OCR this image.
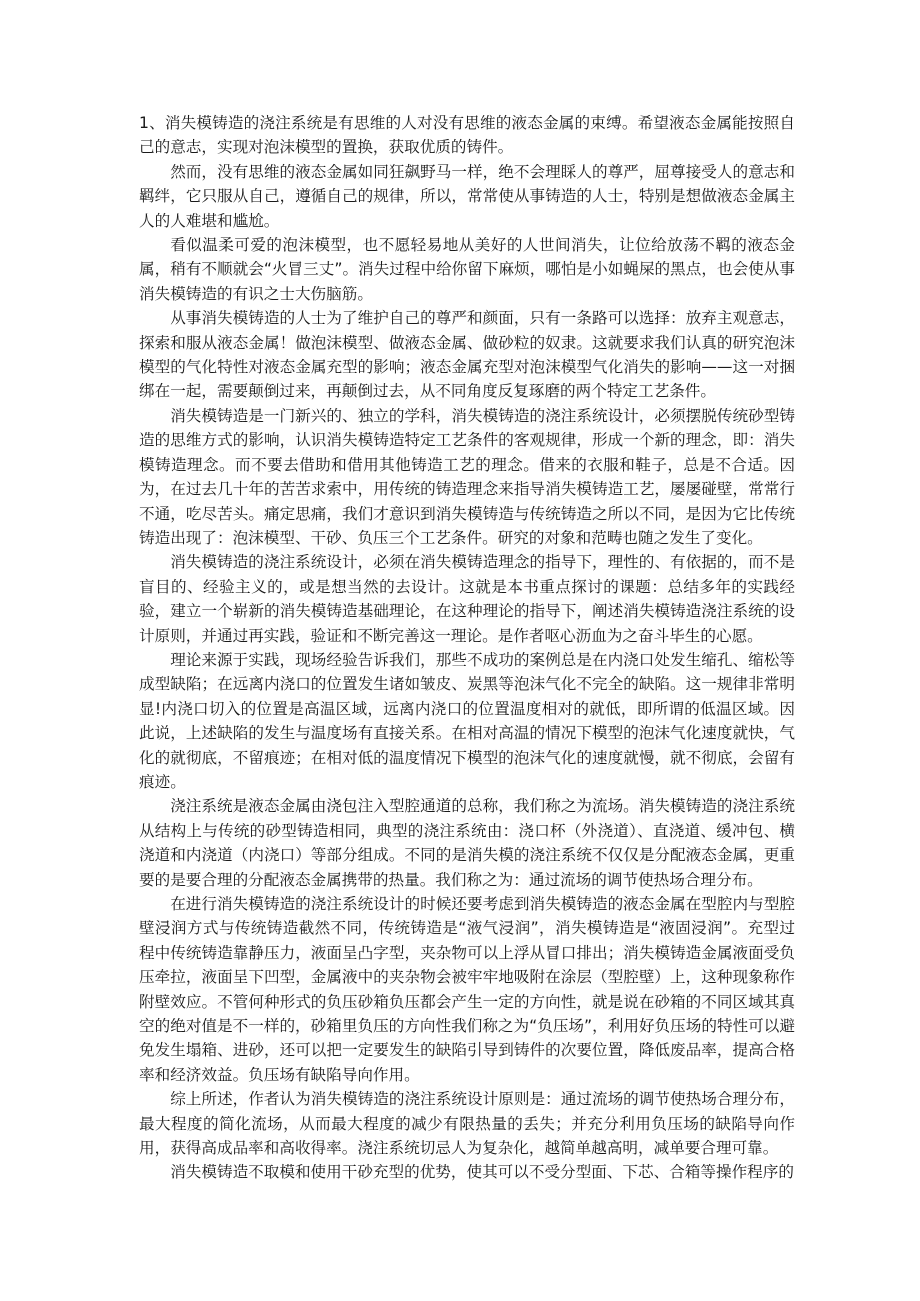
1、消失模铸造的浇注系统是有思维的人对没有思维的液态金属的束缚。希望液态金属能按照自己的意志，实现对泡沫模型的置换，获取优质的铸件。

然而，没有思维的液态金属如同狂飙野马一样，绝不会理睬人的尊严，屈尊接受人的意志和羁绊，它只服从自己，遵循自己的规律，所以，常常使从事铸造的人士，特别是想做液态金属主人的人难堪和尴尬。

看似温柔可爱的泡沫模型，也不愿轻易地从美好的人世间消失，让位给放荡不羁的液态金属，稍有不顺就会“火冒三丈”。消失过程中给你留下麻烦，哪怕是小如蝇屎的黑点，也会使从事消失模铸造的有识之士大伤脑筋。

从事消失模铸造的人士为了维护自己的尊严和颜面，只有一条路可以选择：放弃主观意志，探索和服从液态金属！做泡沫模型、做液态金属、做砂粒的奴隶。这就要求我们认真的研究泡沫模型的气化特性对液态金属充型的影响；液态金属充型对泡沫模型气化消失的影响——这一对捆绑在一起，需要颠倒过来，再颠倒过去，从不同角度反复琢磨的两个特定工艺条件。

消失模铸造是一门新兴的、独立的学科，消失模铸造的浇注系统设计，必须摆脱传统砂型铸造的思维方式的影响，认识消失模铸造特定工艺条件的客观规律，形成一个新的理念，即：消失模铸造理念。而不要去借助和借用其他铸造工艺的理念。借来的衣服和鞋子，总是不合适。因为，在过去几十年的苦苦求索中，用传统的铸造理念来指导消失模铸造工艺，屡屡碰壁，常常行不通，吃尽苦头。痛定思痛，我们才意识到消失模铸造与传统铸造之所以不同，是因为它比传统铸造出现了：泡沫模型、干砂、负压三个工艺条件。研究的对象和范畴也随之发生了变化。

消失模铸造的浇注系统设计，必须在消失模铸造理念的指导下，理性的、有依据的，而不是盲目的、经验主义的，或是想当然的去设计。这就是本书重点探讨的课题：总结多年的实践经验，建立一个崭新的消失模铸造基础理论，在这种理论的指导下，阐述消失模铸造浇注系统的设计原则，并通过再实践，验证和不断完善这一理论。是作者呕心沥血为之奋斗毕生的心愿。

理论来源于实践，现场经验告诉我们，那些不成功的案例总是在内浇口处发生缩孔、缩松等成型缺陷；在远离内浇口的位置发生诸如皱皮、炭黑等泡沫气化不完全的缺陷。这一规律非常明显!内浇口切入的位置是高温区域，远离内浇口的位置温度相对的就低，即所谓的低温区域。因此说，上述缺陷的发生与温度场有直接关系。在相对高温的情况下模型的泡沫气化速度就快，气化的就彻底，不留痕迹；在相对低的温度情况下模型的泡沫气化的速度就慢，就不彻底，会留有痕迹。

浇注系统是液态金属由浇包注入型腔通道的总称，我们称之为流场。消失模铸造的浇注系统从结构上与传统的砂型铸造相同，典型的浇注系统由：浇口杯（外浇道）、直浇道、缓冲包、横浇道和内浇道（内浇口）等部分组成。不同的是消失模的浇注系统不仅仅是分配液态金属，更重要的是要合理的分配液态金属携带的热量。我们称之为：通过流场的调节使热场合理分布。

在进行消失模铸造的浇注系统设计的时候还要考虑到消失模铸造的液态金属在型腔内与型腔壁浸润方式与传统铸造截然不同，传统铸造是“液气浸润”，消失模铸造是“液固浸润”。充型过程中传统铸造靠静压力，液面呈凸字型，夹杂物可以上浮从冒口排出；消失模铸造金属液面受负压牵拉，液面呈下凹型，金属液中的夹杂物会被牢牢地吸附在涂层（型腔壁）上，这种现象称作附壁效应。不管何种形式的负压砂箱负压都会产生一定的方向性，就是说在砂箱的不同区域其真空的绝对值是不一样的，砂箱里负压的方向性我们称之为“负压场”，利用好负压场的特性可以避免发生塌箱、进砂，还可以把一定要发生的缺陷引导到铸件的次要位置，降低废品率，提高合格率和经济效益。负压场有缺陷导向作用。

综上所述，作者认为消失模铸造的浇注系统设计原则是：通过流场的调节使热场合理分布，最大程度的简化流场，从而最大程度的减少有限热量的丢失；并充分利用负压场的缺陷导向作用，获得高成品率和高收得率。浇注系统切忌人为复杂化，越简单越高明，减单要合理可靠。

消失模铸造不取模和使用干砂充型的优势，使其可以不受分型面、下芯、合箱等操作程序的
